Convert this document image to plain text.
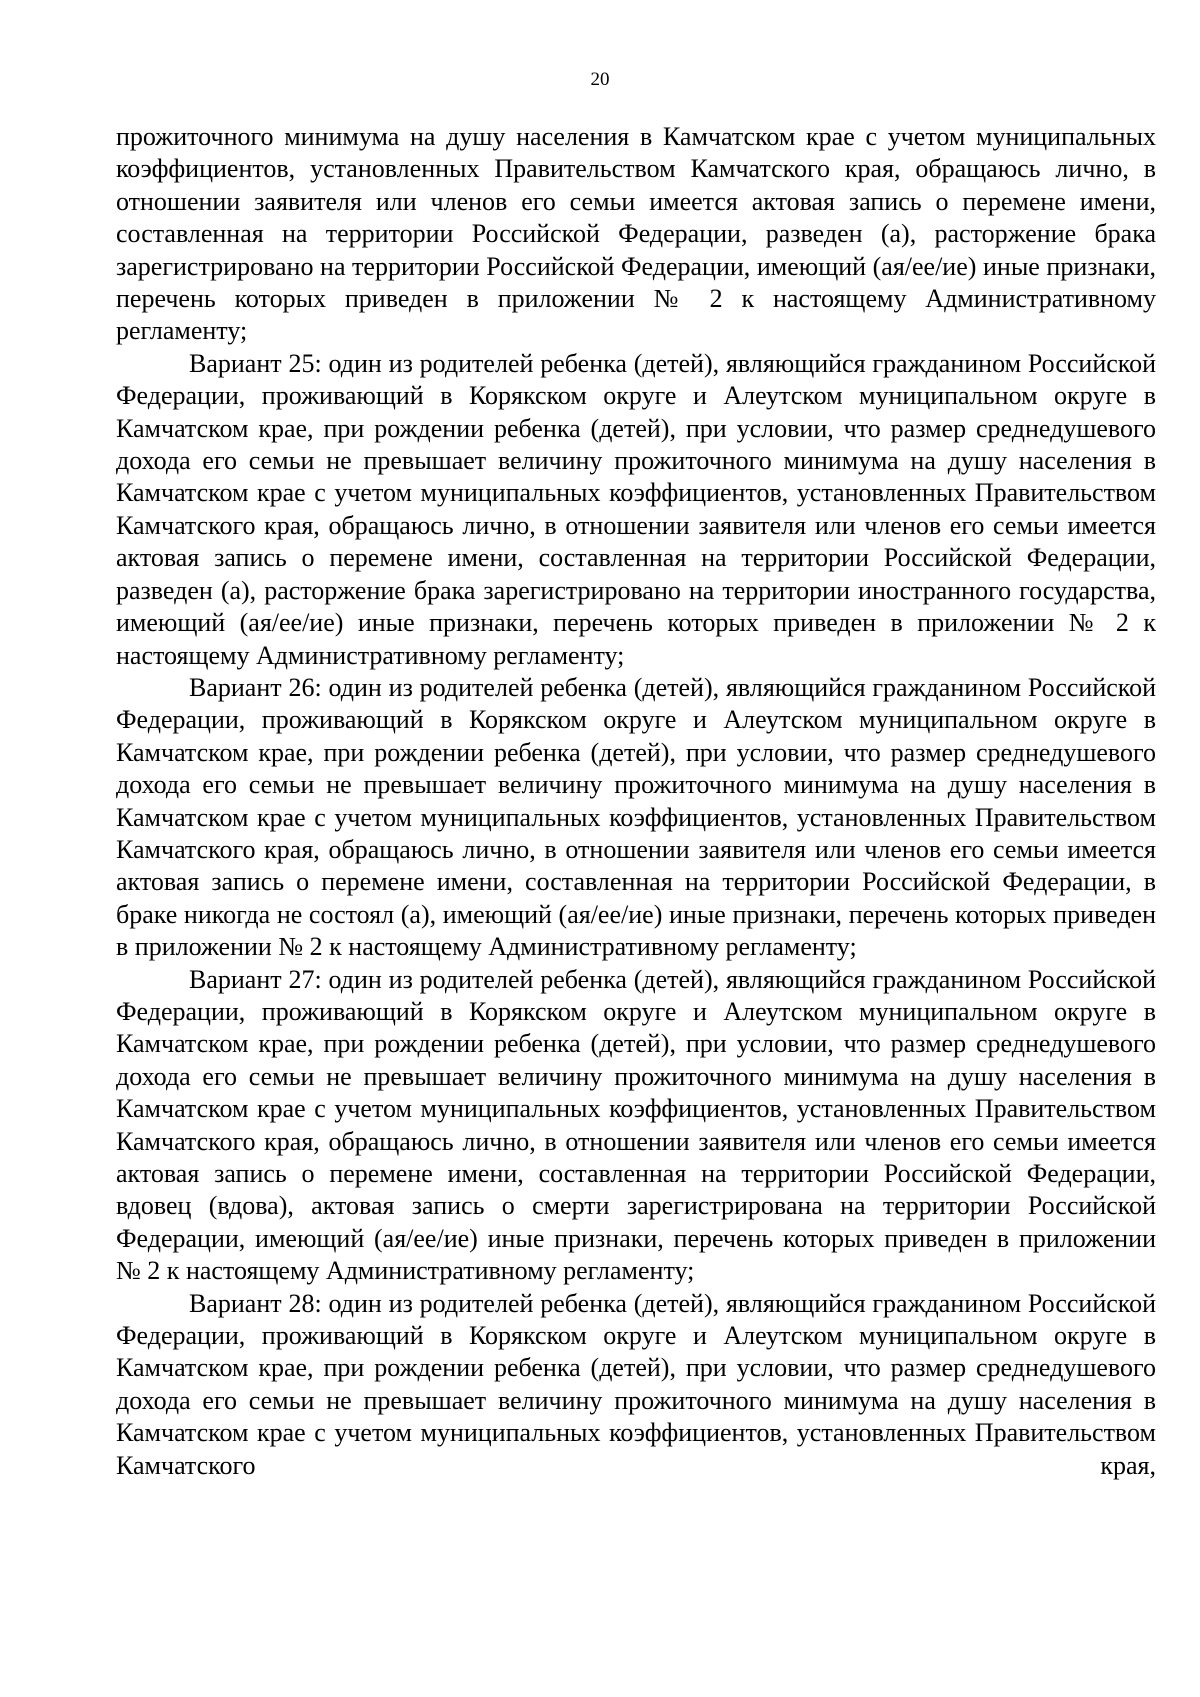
20

прожиточного минимума на душу населения в Камчатском крае с учетом муниципальных коэффициентов, установленных Правительством Камчатского края, обращаюсь лично, в отношении заявителя или членов его семьи имеется актовая запись о перемене имени, составленная на территории Российской Федерации, разведен (а), расторжение брака зарегистрировано на территории Российской Федерации, имеющий (ая/ее/ие) иные признаки, перечень которых приведен в приложении № 2 к настоящему Административному регламенту;

Вариант 25: один из родителей ребенка (детей), являющийся гражданином Российской Федерации, проживающий в Корякском округе и Алеутском муниципальном округе в Камчатском крае, при рождении ребенка (детей), при условии, что размер среднедушевого дохода его семьи не превышает величину прожиточного минимума на душу населения в Камчатском крае с учетом муниципальных коэффициентов, установленных Правительством Камчатского края, обращаюсь лично, в отношении заявителя или членов его семьи имеется актовая запись о перемене имени, составленная на территории Российской Федерации, разведен (а), расторжение брака зарегистрировано на территории иностранного государства, имеющий (ая/ее/ие) иные признаки, перечень которых приведен в приложении № 2 к настоящему Административному регламенту;

Вариант 26: один из родителей ребенка (детей), являющийся гражданином Российской Федерации, проживающий в Корякском округе и Алеутском муниципальном округе в Камчатском крае, при рождении ребенка (детей), при условии, что размер среднедушевого дохода его семьи не превышает величину прожиточного минимума на душу населения в Камчатском крае с учетом муниципальных коэффициентов, установленных Правительством Камчатского края, обращаюсь лично, в отношении заявителя или членов его семьи имеется актовая запись о перемене имени, составленная на территории Российской Федерации, в браке никогда не состоял (а), имеющий (ая/ее/ие) иные признаки, перечень которых приведен в приложении № 2 к настоящему Административному регламенту;

Вариант 27: один из родителей ребенка (детей), являющийся гражданином Российской Федерации, проживающий в Корякском округе и Алеутском муниципальном округе в Камчатском крае, при рождении ребенка (детей), при условии, что размер среднедушевого дохода его семьи не превышает величину прожиточного минимума на душу населения в Камчатском крае с учетом муниципальных коэффициентов, установленных Правительством Камчатского края, обращаюсь лично, в отношении заявителя или членов его семьи имеется актовая запись о перемене имени, составленная на территории Российской Федерации, вдовец (вдова), актовая запись о смерти зарегистрирована на территории Российской Федерации, имеющий (ая/ее/ие) иные признаки, перечень которых приведен в приложении № 2 к настоящему Административному регламенту;

Вариант 28: один из родителей ребенка (детей), являющийся гражданином Российской Федерации, проживающий в Корякском округе и Алеутском муниципальном округе в Камчатском крае, при рождении ребенка (детей), при условии, что размер среднедушевого дохода его семьи не превышает величину прожиточного минимума на душу населения в Камчатском крае с учетом муниципальных коэффициентов, установленных Правительством Камчатского края,
